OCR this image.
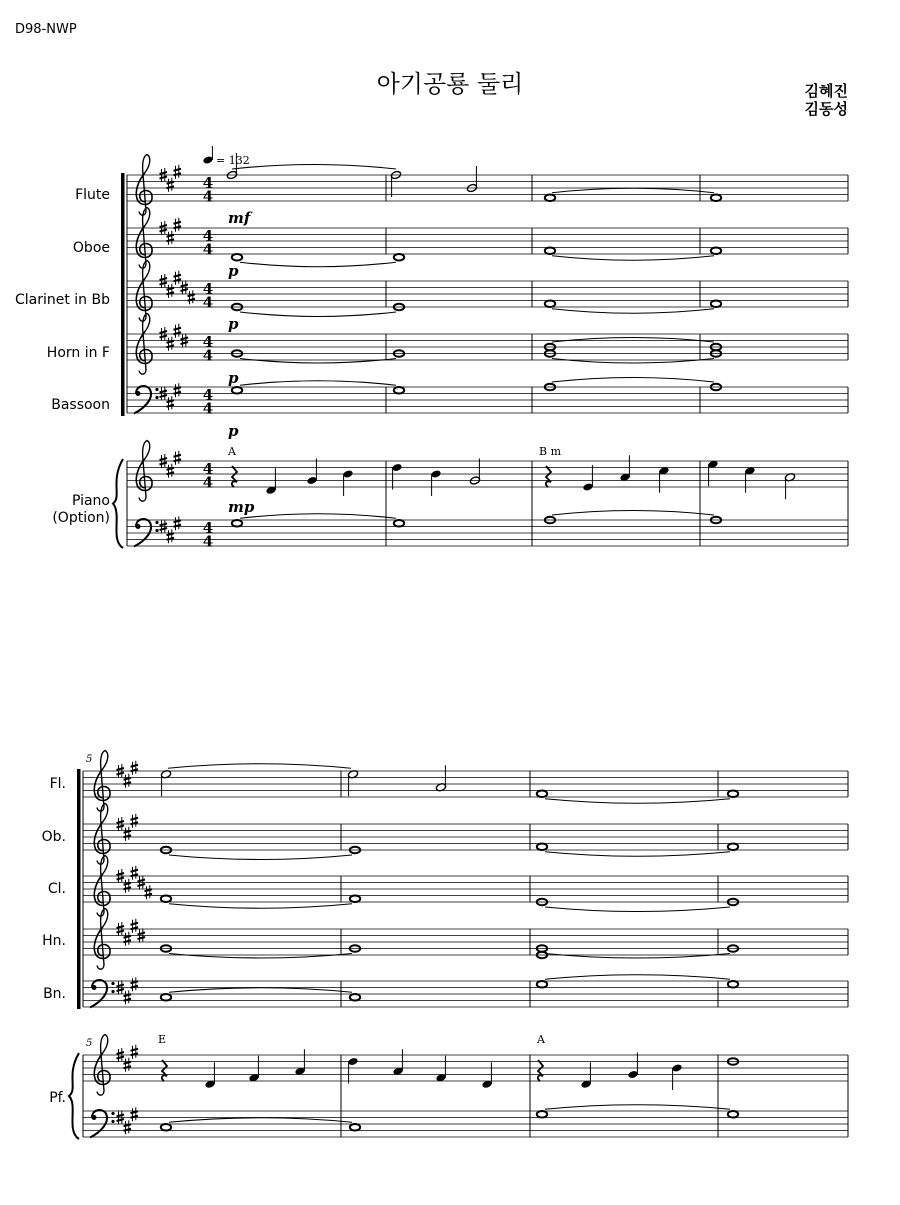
D98-NWP
아기공룡 둘리	김혜진
김동성
Flute
Oboe
Clarinet in Bb
Horn in F
Bassoon
Piano
(Option)
Fl.
Ob.
Cl.
Hn.
Bn.
Pf.
4
4
4
4
4
4
4
4
4
4
4
4
4
4
= 132
mf
p
p
p
p
mp
A	B m
5
5	E	A
